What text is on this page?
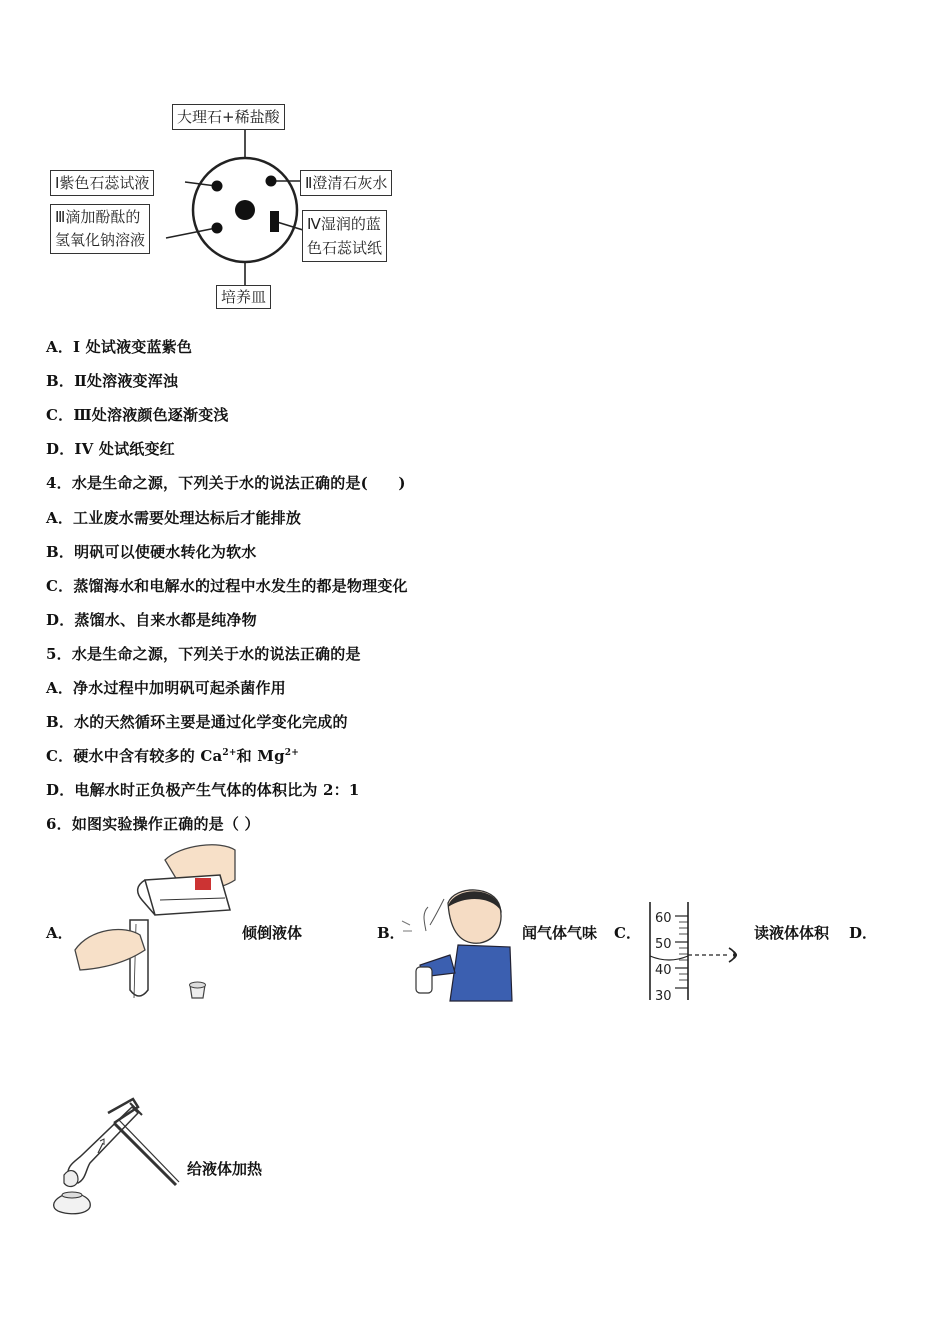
大理石+稀盐酸
Ⅰ紫色石蕊试液	Ⅱ澄清石灰水
Ⅲ滴加酚酞的
氢氧化钠溶液
Ⅳ湿润的蓝
色石蕊试纸
培养皿
A．I 处试液变蓝紫色
B．Ⅱ处溶液变浑浊
C．Ⅲ处溶液颜色逐渐变浅
D．IV 处试纸变红
4．水是生命之源，下列关于水的说法正确的是(　　)
A．工业废水需要处理达标后才能排放
B．明矾可以使硬水转化为软水
C．蒸馏海水和电解水的过程中水发生的都是物理变化
D．蒸馏水、自来水都是纯净物
5．水是生命之源，下列关于水的说法正确的是
A．净水过程中加明矾可起杀菌作用
B．水的天然循环主要是通过化学变化完成的
C．硬水中含有较多的 $Ca^{2+}$和 $Mg^{2+}$
D．电解水时正负极产生气体的体积比为 2：1
6．如图实验操作正确的是（ ）
A．	倾倒液体	B．	闻气体气味 C．
60
50
40
30
读液体体积 D．
给液体加热
